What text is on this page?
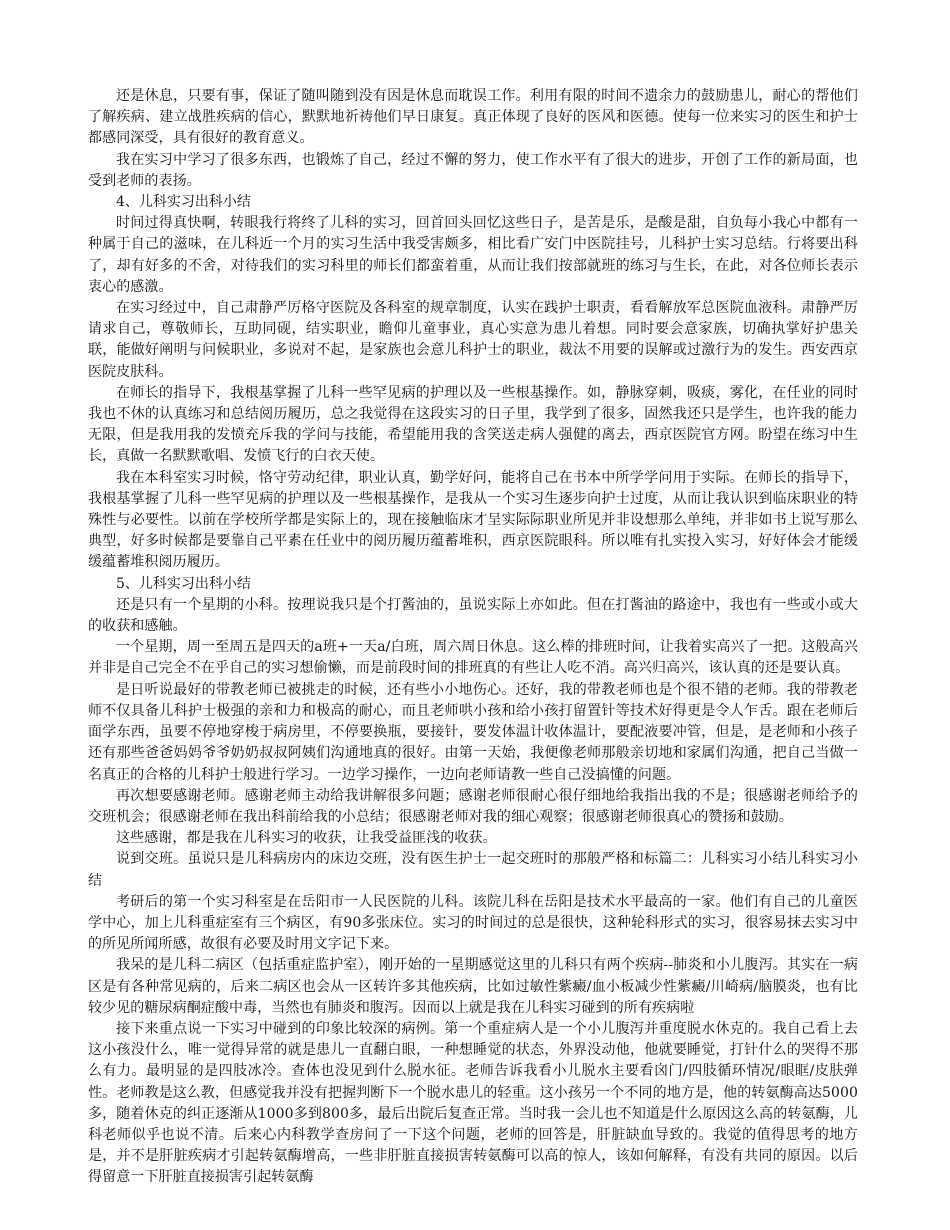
还是休息，只要有事，保证了随叫随到没有因是休息而耽误工作。利用有限的时间不遗余力的鼓励患儿，耐心的帮他们了解疾病、建立战胜疾病的信心，默默地祈祷他们早日康复。真正体现了良好的医风和医德。使每一位来实习的医生和护士都感同深受，具有很好的教育意义。

我在实习中学习了很多东西，也锻炼了自己，经过不懈的努力，使工作水平有了很大的进步，开创了工作的新局面，也受到老师的表扬。

4、儿科实习出科小结

时间过得真快啊，转眼我行将终了儿科的实习，回首回头回忆这些日子，是苦是乐，是酸是甜，自负每小我心中都有一种属于自己的滋味，在儿科近一个月的实习生活中我受害颇多，相比看广安门中医院挂号，儿科护士实习总结。行将要出科了，却有好多的不舍，对待我们的实习科里的师长们都蛮着重，从而让我们按部就班的练习与生长，在此，对各位师长表示衷心的感激。

在实习经过中，自己肃静严厉格守医院及各科室的规章制度，认实在践护士职责，看看解放军总医院血液科。肃静严厉请求自己，尊敬师长，互助同砚，结实职业，瞻仰儿童事业，真心实意为患儿着想。同时要会意家族，切确执掌好护患关联，能做好阐明与问候职业，多说对不起，是家族也会意儿科护士的职业，裁汰不用要的误解或过激行为的发生。西安西京医院皮肤科。

在师长的指导下，我根基掌握了儿科一些罕见病的护理以及一些根基操作。如，静脉穿刺，吸痰，雾化，在任业的同时我也不休的认真练习和总结阅历履历，总之我觉得在这段实习的日子里，我学到了很多，固然我还只是学生，也许我的能力无限，但是我用我的发愤充斥我的学问与技能，希望能用我的含笑送走病人强健的离去，西京医院官方网。盼望在练习中生长，真做一名默默歌唱、发愤飞行的白衣天使。

我在本科室实习时候，恪守劳动纪律，职业认真，勤学好问，能将自己在书本中所学学问用于实际。在师长的指导下，我根基掌握了儿科一些罕见病的护理以及一些根基操作，是我从一个实习生逐步向护士过度，从而让我认识到临床职业的特殊性与必要性。以前在学校所学都是实际上的，现在接触临床才呈实际际职业所见并非设想那么单纯，并非如书上说写那么典型，好多时候都是要靠自己平素在任业中的阅历履历蕴蓄堆积，西京医院眼科。所以唯有扎实投入实习，好好体会才能缓缓蕴蓄堆积阅历履历。

5、儿科实习出科小结

还是只有一个星期的小科。按理说我只是个打酱油的，虽说实际上亦如此。但在打酱油的路途中，我也有一些或小或大的收获和感触。

一个星期，周一至周五是四天的a班+一天a/白班，周六周日休息。这么棒的排班时间，让我着实高兴了一把。这般高兴并非是自己完全不在乎自己的实习想偷懒，而是前段时间的排班真的有些让人吃不消。高兴归高兴，该认真的还是要认真。

是日听说最好的带教老师已被挑走的时候，还有些小小地伤心。还好，我的带教老师也是个很不错的老师。我的带教老师不仅具备儿科护士极强的亲和力和极高的耐心，而且老师哄小孩和给小孩打留置针等技术好得更是令人乍舌。跟在老师后面学东西，虽要不停地穿梭于病房里，不停要换瓶，要接针，要发体温计收体温计，要配液要冲管，但是，是老师和小孩子还有那些爸爸妈妈爷爷奶奶叔叔阿姨们沟通地真的很好。由第一天始，我便像老师那般亲切地和家属们沟通，把自己当做一名真正的合格的儿科护士般进行学习。一边学习操作，一边向老师请教一些自己没搞懂的问题。

再次想要感谢老师。感谢老师主动给我讲解很多问题；感谢老师很耐心很仔细地给我指出我的不是；很感谢老师给予的交班机会；很感谢老师在我出科前给我的小总结；很感谢老师对我的细心观察；很感谢老师很真心的赞扬和鼓励。

这些感谢，都是我在儿科实习的收获，让我受益匪浅的收获。

说到交班。虽说只是儿科病房内的床边交班，没有医生护士一起交班时的那般严格和标篇二：儿科实习小结儿科实习小结

考研后的第一个实习科室是在岳阳市一人民医院的儿科。该院儿科在岳阳是技术水平最高的一家。他们有自己的儿童医学中心，加上儿科重症室有三个病区，有90多张床位。实习的时间过的总是很快，这种轮科形式的实习，很容易抹去实习中的所见所闻所感，故很有必要及时用文字记下来。

我呆的是儿科二病区（包括重症监护室），刚开始的一星期感觉这里的儿科只有两个疾病--肺炎和小儿腹泻。其实在一病区是有各种常见病的，后来二病区也会从一区转许多其他疾病，比如过敏性紫癜/血小板减少性紫癜/川崎病/脑膜炎，也有比较少见的糖尿病酮症酸中毒，当然也有肺炎和腹泻。因而以上就是我在儿科实习碰到的所有疾病啦

接下来重点说一下实习中碰到的印象比较深的病例。第一个重症病人是一个小儿腹泻并重度脱水休克的。我自己看上去这小孩没什么，唯一觉得异常的就是患儿一直翻白眼，一种想睡觉的状态，外界没动他，他就要睡觉，打针什么的哭得不那么有力。最明显的是四肢冰冷。查体也没见到什么脱水征。老师告诉我看小儿脱水主要看囟门/四肢循环情况/眼眶/皮肤弹性。老师教是这么教，但感觉我并没有把握判断下一个脱水患儿的轻重。这小孩另一个不同的地方是，他的转氨酶高达5000多，随着休克的纠正逐渐从1000多到800多，最后出院后复查正常。当时我一会儿也不知道是什么原因这么高的转氨酶，儿科老师似乎也说不清。后来心内科教学查房问了一下这个问题，老师的回答是，肝脏缺血导致的。我觉的值得思考的地方是，并不是肝脏疾病才引起转氨酶增高，一些非肝脏直接损害转氨酶可以高的惊人，该如何解释，有没有共同的原因。以后得留意一下肝脏直接损害引起转氨酶
